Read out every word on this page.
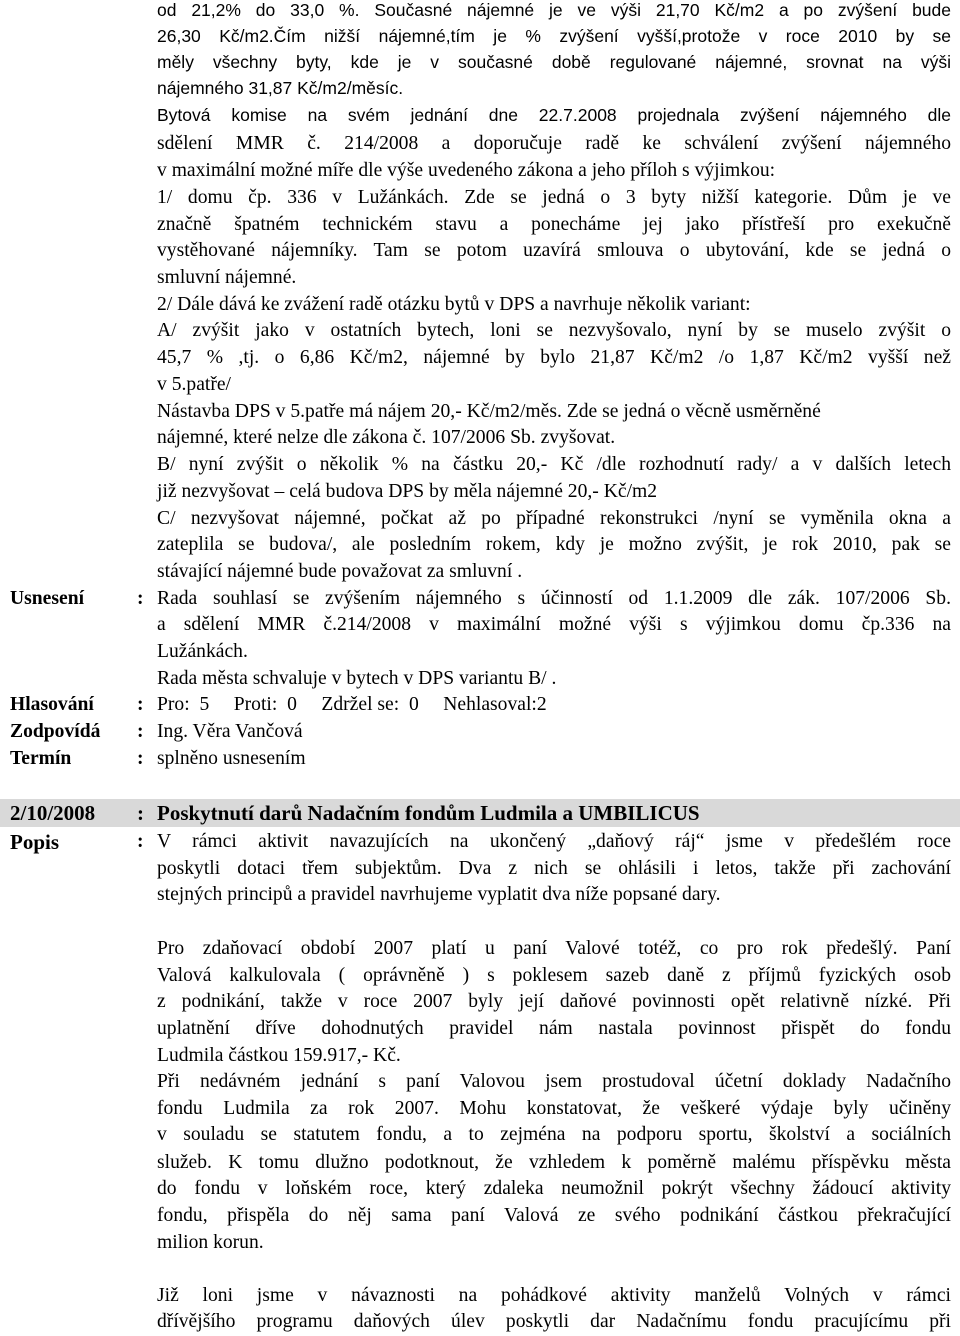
od 21,2% do 33,0 %. Současné nájemné je ve výši 21,70 Kč/m2 a po zvýšení bude

26,30 Kč/m2.Čím nižší nájemné,tím je % zvýšení vyšší,protože v roce 2010 by se

měly všechny byty, kde je v současné době regulované nájemné, srovnat na výši

nájemného 31,87 Kč/m2/měsíc.

Bytová komise na svém jednání dne 22.7.2008 projednala zvýšení nájemného dle

sdělení MMR č. 214/2008 a doporučuje radě ke schválení zvýšení nájemného

v maximální možné míře dle výše uvedeného zákona a jeho příloh s výjimkou:

1/ domu čp. 336 v Lužánkách. Zde se jedná o 3 byty nižší kategorie. Dům je ve

značně špatném technickém stavu a ponecháme jej jako přístřeší pro exekučně

vystěhované nájemníky. Tam se potom uzavírá smlouva o ubytování, kde se jedná o

smluvní nájemné.

2/ Dále dává ke zvážení radě otázku bytů v DPS a navrhuje několik variant:

A/ zvýšit jako v ostatních bytech, loni se nezvyšovalo, nyní by se muselo zvýšit o

45,7 % ,tj. o 6,86 Kč/m2, nájemné by bylo 21,87 Kč/m2 /o 1,87 Kč/m2 vyšší než

v 5.patře/

Nástavba DPS v 5.patře má nájem 20,- Kč/m2/měs. Zde se jedná o věcně usměrněné

nájemné, které nelze dle zákona č. 107/2006 Sb. zvyšovat.

B/ nyní zvýšit o několik % na částku 20,- Kč /dle rozhodnutí rady/ a v dalších letech

již nezvyšovat – celá budova DPS by měla nájemné 20,- Kč/m2

C/ nezvyšovat nájemné, počkat až po případné rekonstrukci /nyní se vyměnila okna a

zateplila se budova/, ale posledním rokem, kdy je možno zvýšit, je rok 2010, pak se

stávající nájemné bude považovat za smluvní .

Usnesení	: Rada souhlasí se zvýšením nájemného s účinností od 1.1.2009 dle zák. 107/2006 Sb.

a sdělení MMR č.214/2008 v maximální možné výši s výjimkou domu čp.336 na

Lužánkách.

Rada města schvaluje v bytech v DPS variantu B/ .

Hlasování : Pro:  5     Proti:  0     Zdržel se:  0     Nehlasoval:2

Zodpovídá : Ing. Věra Vančová

Termín	: splněno usnesením

2/10/2008 : Poskytnutí darů Nadačním fondům Ludmila a UMBILICUS

Popis	: V rámci aktivit navazujících na ukončený „daňový ráj“ jsme v předešlém roce

poskytli dotaci třem subjektům. Dva z nich se ohlásili i letos, takže při zachování

stejných principů a pravidel navrhujeme vyplatit dva níže popsané dary.

Pro zdaňovací období 2007 platí u paní Valové totéž, co pro rok předešlý. Paní

Valová kalkulovala ( oprávněně ) s poklesem sazeb daně z příjmů fyzických osob

z podnikání, takže v roce 2007 byly její daňové povinnosti opět relativně nízké. Při

uplatnění dříve dohodnutých pravidel nám nastala povinnost přispět do fondu

Ludmila částkou 159.917,- Kč.

Při nedávném jednání s paní Valovou jsem prostudoval účetní doklady Nadačního

fondu Ludmila za rok 2007. Mohu konstatovat, že veškeré výdaje byly učiněny

v souladu se statutem fondu, a to zejména na podporu sportu, školství a sociálních

služeb. K tomu dlužno podotknout, že vzhledem k poměrně malému příspěvku města

do fondu v loňském roce, který zdaleka neumožnil pokrýt všechny žádoucí aktivity

fondu, přispěla do něj sama paní Valová ze svého podnikání částkou překračující

milion korun.

Již loni jsme v návaznosti na pohádkové aktivity manželů Volných v rámci

dřívějšího programu daňových úlev poskytli dar Nadačnímu fondu pracujícímu při
